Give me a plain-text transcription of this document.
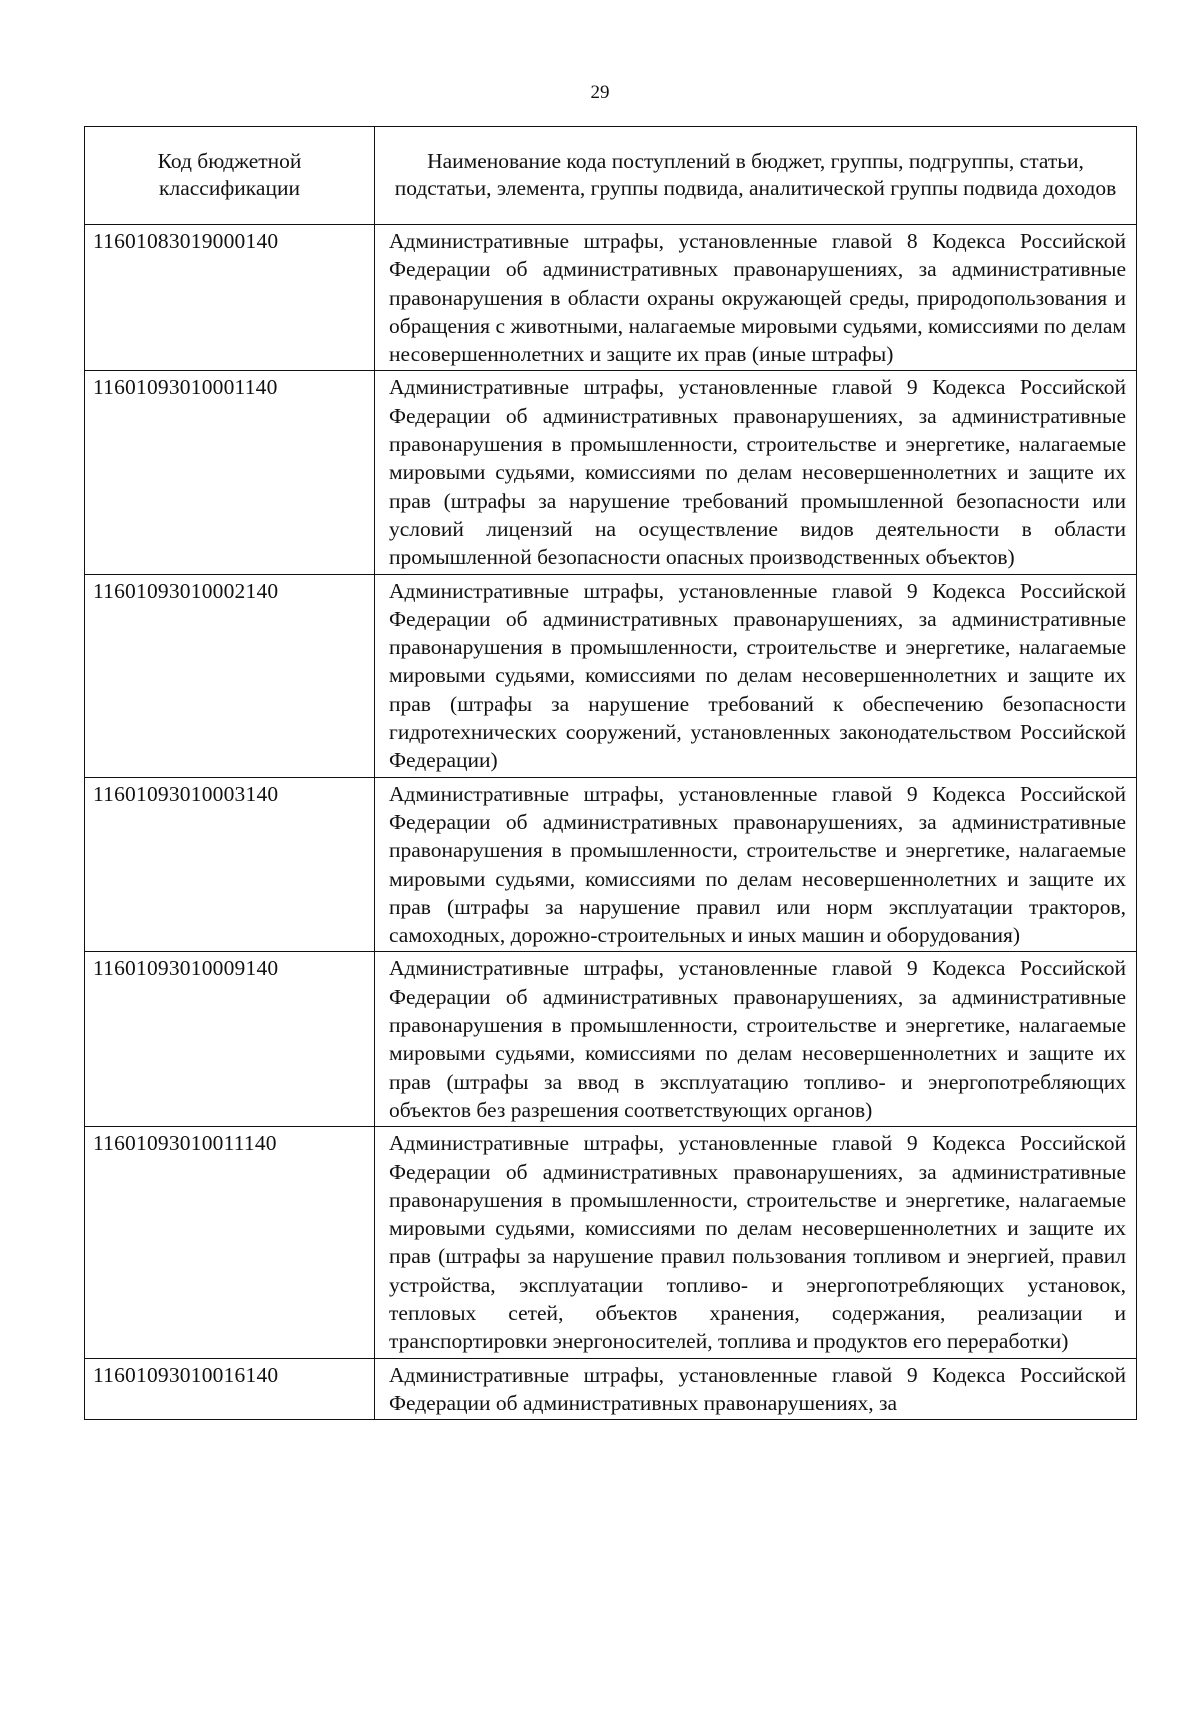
29
Код бюджетной классификации	Наименование кода поступлений в бюджет, группы, подгруппы, статьи, подстатьи, элемента, группы подвида, аналитической группы подвида доходов
11601083019000140	Административные штрафы, установленные главой 8 Кодекса Российской Федерации об административных правонарушениях, за административные правонарушения в области охраны окружающей среды, природопользования и обращения с животными, налагаемые мировыми судьями, комиссиями по делам несовершеннолетних и защите их прав (иные штрафы)
11601093010001140	Административные штрафы, установленные главой 9 Кодекса Российской Федерации об административных правонарушениях, за административные правонарушения в промышленности, строительстве и энергетике, налагаемые мировыми судьями, комиссиями по делам несовершеннолетних и защите их прав (штрафы за нарушение требований промышленной безопасности или условий лицензий на осуществление видов деятельности в области промышленной безопасности опасных производственных объектов)
11601093010002140	Административные штрафы, установленные главой 9 Кодекса Российской Федерации об административных правонарушениях, за административные правонарушения в промышленности, строительстве и энергетике, налагаемые мировыми судьями, комиссиями по делам несовершеннолетних и защите их прав (штрафы за нарушение требований к обеспечению безопасности гидротехнических сооружений, установленных законодательством Российской Федерации)
11601093010003140	Административные штрафы, установленные главой 9 Кодекса Российской Федерации об административных правонарушениях, за административные правонарушения в промышленности, строительстве и энергетике, налагаемые мировыми судьями, комиссиями по делам несовершеннолетних и защите их прав (штрафы за нарушение правил или норм эксплуатации тракторов, самоходных, дорожно-строительных и иных машин и оборудования)
11601093010009140	Административные штрафы, установленные главой 9 Кодекса Российской Федерации об административных правонарушениях, за административные правонарушения в промышленности, строительстве и энергетике, налагаемые мировыми судьями, комиссиями по делам несовершеннолетних и защите их прав (штрафы за ввод в эксплуатацию топливо- и энергопотребляющих объектов без разрешения соответствующих органов)
11601093010011140	Административные штрафы, установленные главой 9 Кодекса Российской Федерации об административных правонарушениях, за административные правонарушения в промышленности, строительстве и энергетике, налагаемые мировыми судьями, комиссиями по делам несовершеннолетних и защите их прав (штрафы за нарушение правил пользования топливом и энергией, правил устройства, эксплуатации топливо- и энергопотребляющих установок, тепловых сетей, объектов хранения, содержания, реализации и транспортировки энергоносителей, топлива и продуктов его переработки)
11601093010016140	Административные штрафы, установленные главой 9 Кодекса Российской Федерации об административных правонарушениях, за
